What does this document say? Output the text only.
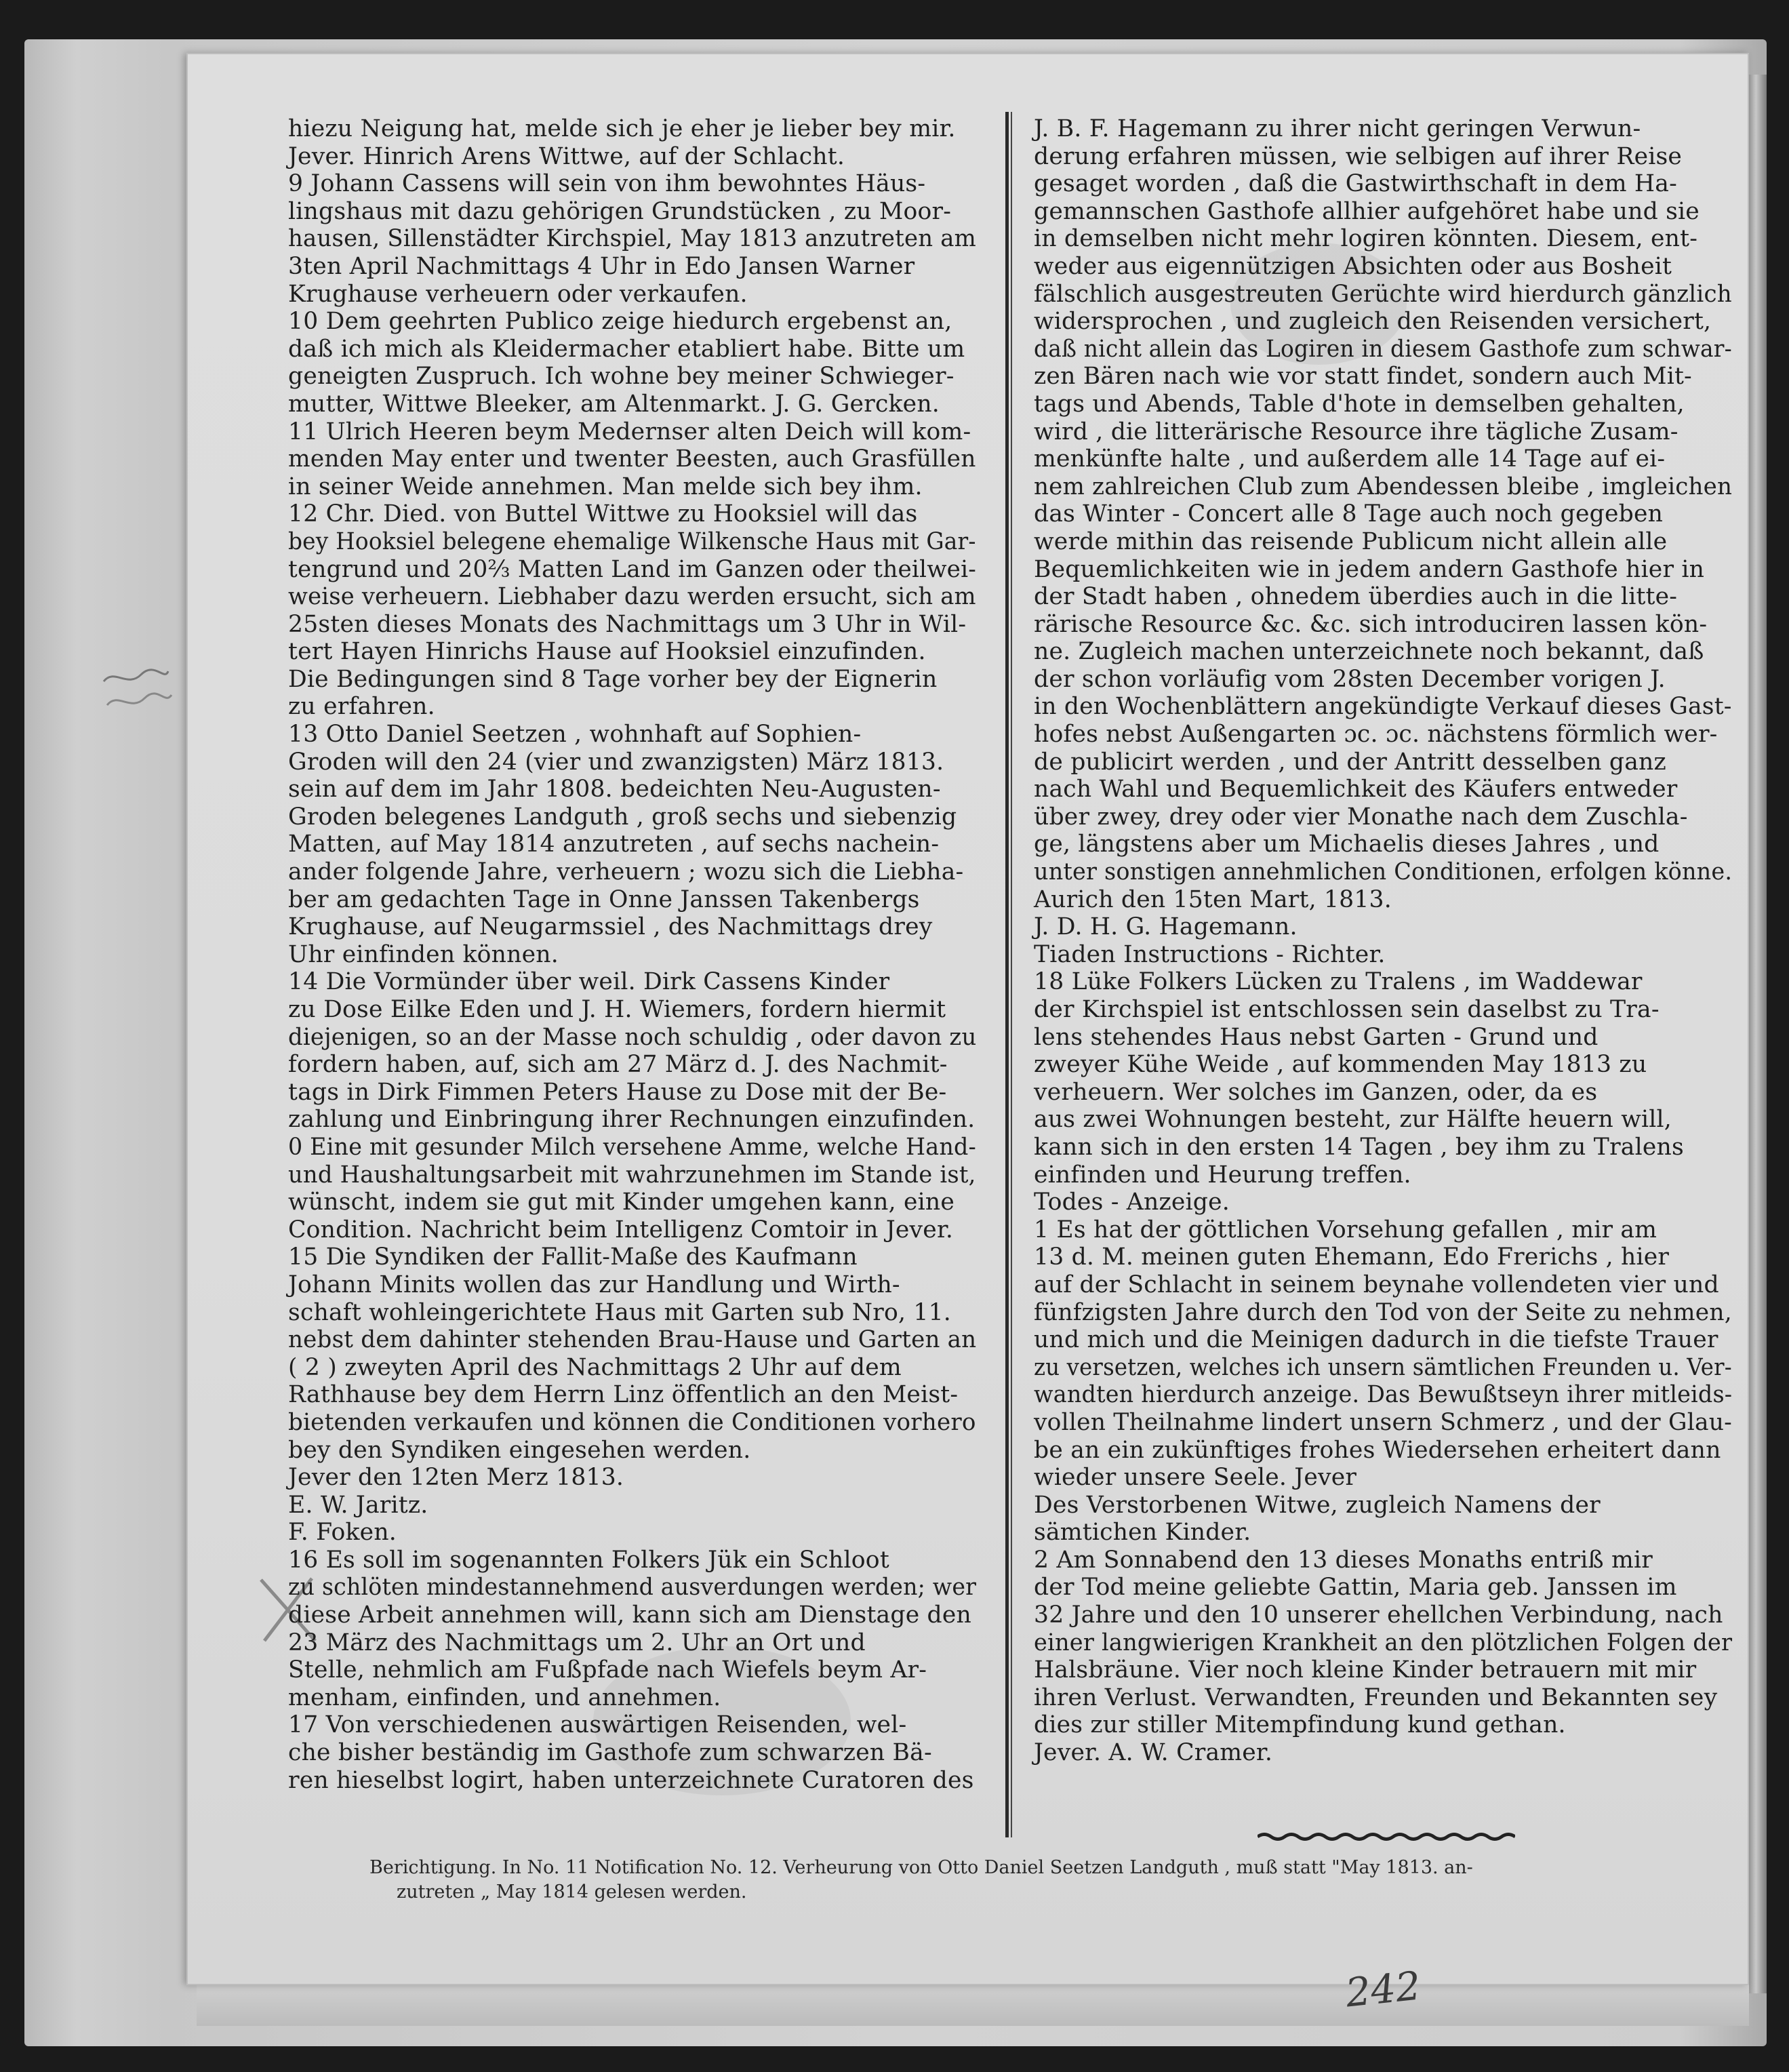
hiezu Neigung hat, melde sich je eher je lieber bey mir.

Jever. Hinrich Arens Wittwe, auf der Schlacht.

9 Johann Cassens will sein von ihm bewohntes Häus-

lingshaus mit dazu gehörigen Grundstücken , zu Moor-

hausen, Sillenstädter Kirchspiel, May 1813 anzutreten am

3ten April Nachmittags 4 Uhr in Edo Jansen Warner

Krughause verheuern oder verkaufen.

10 Dem geehrten Publico zeige hiedurch ergebenst an,

daß ich mich als Kleidermacher etabliert habe. Bitte um

geneigten Zuspruch. Ich wohne bey meiner Schwieger-

mutter, Wittwe Bleeker, am Altenmarkt. J. G. Gercken.

11 Ulrich Heeren beym Medernser alten Deich will kom-

menden May enter und twenter Beesten, auch Grasfüllen

in seiner Weide annehmen. Man melde sich bey ihm.

12 Chr. Died. von Buttel Wittwe zu Hooksiel will das

bey Hooksiel belegene ehemalige Wilkensche Haus mit Gar-

tengrund und 20⅔ Matten Land im Ganzen oder theilwei-

weise verheuern. Liebhaber dazu werden ersucht, sich am

25sten dieses Monats des Nachmittags um 3 Uhr in Wil-

tert Hayen Hinrichs Hause auf Hooksiel einzufinden.

Die Bedingungen sind 8 Tage vorher bey der Eignerin

zu erfahren.

13 Otto Daniel Seetzen , wohnhaft auf Sophien-

Groden will den 24 (vier und zwanzigsten) März 1813.

sein auf dem im Jahr 1808. bedeichten Neu-Augusten-

Groden belegenes Landguth , groß sechs und siebenzig

Matten, auf May 1814 anzutreten , auf sechs nachein-

ander folgende Jahre, verheuern ; wozu sich die Liebha-

ber am gedachten Tage in Onne Janssen Takenbergs

Krughause, auf Neugarmssiel , des Nachmittags drey

Uhr einfinden können.

14 Die Vormünder über weil. Dirk Cassens Kinder

zu Dose Eilke Eden und J. H. Wiemers, fordern hiermit

diejenigen, so an der Masse noch schuldig , oder davon zu

fordern haben, auf, sich am 27 März d. J. des Nachmit-

tags in Dirk Fimmen Peters Hause zu Dose mit der Be-

zahlung und Einbringung ihrer Rechnungen einzufinden.

0 Eine mit gesunder Milch versehene Amme, welche Hand-

und Haushaltungsarbeit mit wahrzunehmen im Stande ist,

wünscht, indem sie gut mit Kinder umgehen kann, eine

Condition. Nachricht beim Intelligenz Comtoir in Jever.

15 Die Syndiken der Fallit-Maße des Kaufmann

Johann Minits wollen das zur Handlung und Wirth-

schaft wohleingerichtete Haus mit Garten sub Nro, 11.

nebst dem dahinter stehenden Brau-Hause und Garten an

( 2 ) zweyten April des Nachmittags 2 Uhr auf dem

Rathhause bey dem Herrn Linz öffentlich an den Meist-

bietenden verkaufen und können die Conditionen vorhero

bey den Syndiken eingesehen werden.

Jever den 12ten Merz 1813.

E. W. Jaritz.

F. Foken.

16 Es soll im sogenannten Folkers Jük ein Schloot

zu schlöten mindestannehmend ausverdungen werden; wer

diese Arbeit annehmen will, kann sich am Dienstage den

23 März des Nachmittags um 2. Uhr an Ort und

Stelle, nehmlich am Fußpfade nach Wiefels beym Ar-

menham, einfinden, und annehmen.

17 Von verschiedenen auswärtigen Reisenden, wel-

che bisher beständig im Gasthofe zum schwarzen Bä-

ren hieselbst logirt, haben unterzeichnete Curatoren des

J. B. F. Hagemann zu ihrer nicht geringen Verwun-

derung erfahren müssen, wie selbigen auf ihrer Reise

gesaget worden , daß die Gastwirthschaft in dem Ha-

gemannschen Gasthofe allhier aufgehöret habe und sie

in demselben nicht mehr logiren könnten. Diesem, ent-

weder aus eigennützigen Absichten oder aus Bosheit

fälschlich ausgestreuten Gerüchte wird hierdurch gänzlich

widersprochen , und zugleich den Reisenden versichert,

daß nicht allein das Logiren in diesem Gasthofe zum schwar-

zen Bären nach wie vor statt findet, sondern auch Mit-

tags und Abends, Table d'hote in demselben gehalten,

wird , die litterärische Resource ihre tägliche Zusam-

menkünfte halte , und außerdem alle 14 Tage auf ei-

nem zahlreichen Club zum Abendessen bleibe , imgleichen

das Winter - Concert alle 8 Tage auch noch gegeben

werde mithin das reisende Publicum nicht allein alle

Bequemlichkeiten wie in jedem andern Gasthofe hier in

der Stadt haben , ohnedem überdies auch in die litte-

rärische Resource &c. &c. sich introduciren lassen kön-

ne. Zugleich machen unterzeichnete noch bekannt, daß

der schon vorläufig vom 28sten December vorigen J.

in den Wochenblättern angekündigte Verkauf dieses Gast-

hofes nebst Außengarten ɔc. ɔc. nächstens förmlich wer-

de publicirt werden , und der Antritt desselben ganz

nach Wahl und Bequemlichkeit des Käufers entweder

über zwey, drey oder vier Monathe nach dem Zuschla-

ge, längstens aber um Michaelis dieses Jahres , und

unter sonstigen annehmlichen Conditionen, erfolgen könne.

Aurich den 15ten Mart, 1813.

J. D. H. G. Hagemann.

Tiaden Instructions - Richter.

18 Lüke Folkers Lücken zu Tralens , im Waddewar

der Kirchspiel ist entschlossen sein daselbst zu Tra-

lens stehendes Haus nebst Garten - Grund und

zweyer Kühe Weide , auf kommenden May 1813 zu

verheuern. Wer solches im Ganzen, oder, da es

aus zwei Wohnungen besteht, zur Hälfte heuern will,

kann sich in den ersten 14 Tagen , bey ihm zu Tralens

einfinden und Heurung treffen.

Todes - Anzeige.

1 Es hat der göttlichen Vorsehung gefallen , mir am

13 d. M. meinen guten Ehemann, Edo Frerichs , hier

auf der Schlacht in seinem beynahe vollendeten vier und

fünfzigsten Jahre durch den Tod von der Seite zu nehmen,

und mich und die Meinigen dadurch in die tiefste Trauer

zu versetzen, welches ich unsern sämtlichen Freunden u. Ver-

wandten hierdurch anzeige. Das Bewußtseyn ihrer mitleids-

vollen Theilnahme lindert unsern Schmerz , und der Glau-

be an ein zukünftiges frohes Wiedersehen erheitert dann

wieder unsere Seele. Jever

Des Verstorbenen Witwe, zugleich Namens der

sämtichen Kinder.

2 Am Sonnabend den 13 dieses Monaths entriß mir

der Tod meine geliebte Gattin, Maria geb. Janssen im

32 Jahre und den 10 unserer ehellchen Verbindung, nach

einer langwierigen Krankheit an den plötzlichen Folgen der

Halsbräune. Vier noch kleine Kinder betrauern mit mir

ihren Verlust. Verwandten, Freunden und Bekannten sey

dies zur stiller Mitempfindung kund gethan.

Jever. A. W. Cramer.

Berichtigung. In No. 11 Notification No. 12. Verheurung von Otto Daniel Seetzen Landguth , muß statt "May 1813. an-
zutreten „ May 1814 gelesen werden.
242
